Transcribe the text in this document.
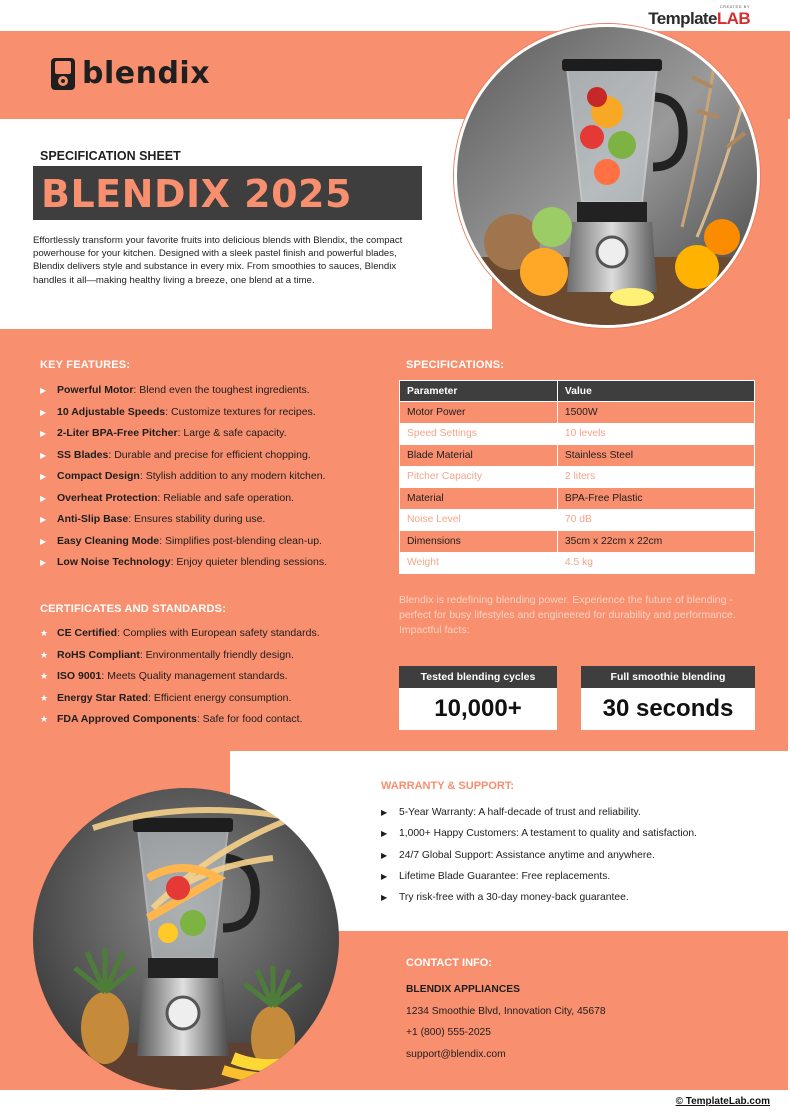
CREATED BY
TemplateLAB
blendix
SPECIFICATION SHEET
BLENDIX 2025
Effortlessly transform your favorite fruits into delicious blends with Blendix, the compact powerhouse for your kitchen. Designed with a sleek pastel finish and powerful blades, Blendix delivers style and substance in every mix. From smoothies to sauces, Blendix handles it all—making healthy living a breeze, one blend at a time.
KEY FEATURES:
▶ Powerful Motor: Blend even the toughest ingredients.
▶ 10 Adjustable Speeds: Customize textures for recipes.
▶ 2-Liter BPA-Free Pitcher: Large & safe capacity.
▶ SS Blades: Durable and precise for efficient chopping.
▶ Compact Design: Stylish addition to any modern kitchen.
▶ Overheat Protection: Reliable and safe operation.
▶ Anti-Slip Base: Ensures stability during use.
▶ Easy Cleaning Mode: Simplifies post-blending clean-up.
▶ Low Noise Technology: Enjoy quieter blending sessions.
CERTIFICATES AND STANDARDS:
★ CE Certified: Complies with European safety standards.
★ RoHS Compliant: Environmentally friendly design.
★ ISO 9001: Meets Quality management standards.
★ Energy Star Rated: Efficient energy consumption.
★ FDA Approved Components: Safe for food contact.
SPECIFICATIONS:
Parameter	Value
Motor Power	1500W
Speed Settings	10 levels
Blade Material	Stainless Steel
Pitcher Capacity	2 liters
Material	BPA-Free Plastic
Noise Level	70 dB
Dimensions	35cm x 22cm x 22cm
Weight	4.5 kg
Blendix is redefining blending power. Experience the future of blending - perfect for busy lifestyles and engineered for durability and performance. Impactful facts:
Tested blending cycles
10,000+
Full smoothie blending
30 seconds
WARRANTY & SUPPORT:
▶ 5-Year Warranty: A half-decade of trust and reliability.
▶ 1,000+ Happy Customers: A testament to quality and satisfaction.
▶ 24/7 Global Support: Assistance anytime and anywhere.
▶ Lifetime Blade Guarantee: Free replacements.
▶ Try risk-free with a 30-day money-back guarantee.
CONTACT INFO:
BLENDIX APPLIANCES
1234 Smoothie Blvd, Innovation City, 45678
+1 (800) 555-2025
support@blendix.com
© TemplateLab.com
